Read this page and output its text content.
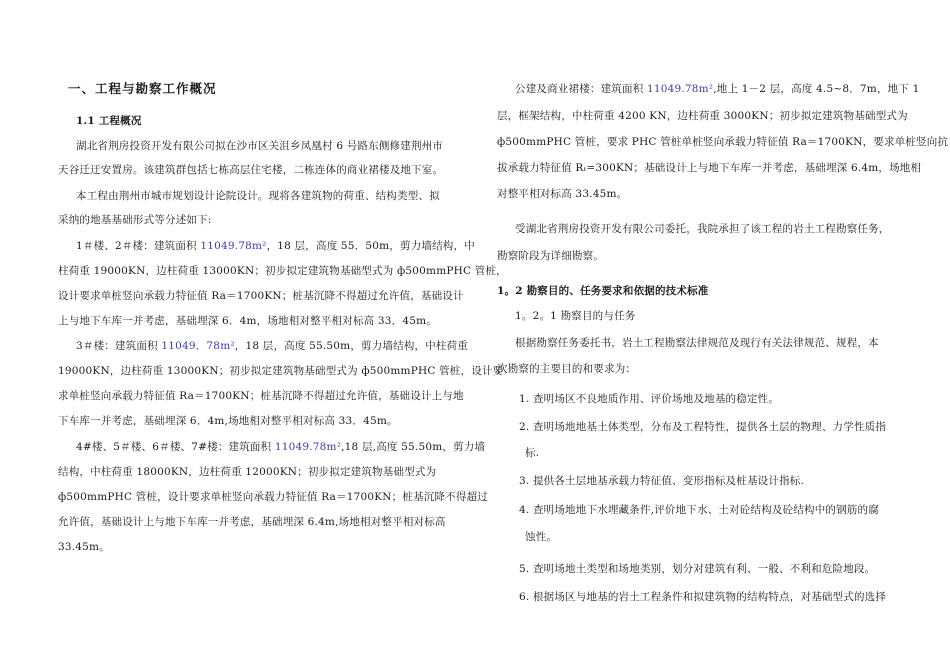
一、工程与勘察工作概况
1.1 工程概况
湖北省荆房投资开发有限公司拟在沙市区关沮乡凤凰村 6 号路东侧修建荆州市
天谷迁迂安置房。该建筑群包括七栋高层住宅楼，二栋连体的商业裙楼及地下室。
本工程由荆州市城市规划设计论院设计。现将各建筑物的荷重、结构类型、拟
采纳的地基基础形式等分述如下:
1＃楼、2＃楼：建筑面积 11049.78m²，18 层，高度 55．50m，剪力墙结构，中
柱荷重 19000KN，边柱荷重 13000KN；初步拟定建筑物基础型式为 ф500mmPHC 管桩，
设计要求单桩竖向承载力特征值 Ra＝1700KN；桩基沉降不得超过允许值，基础设计
上与地下车库一并考虑，基础埋深 6．4m，场地相对整平相对标高 33．45m。
3＃楼：建筑面积 11049．78m²，18 层，高度 55.50m，剪力墙结构，中柱荷重
19000KN，边柱荷重 13000KN；初步拟定建筑物基础型式为 ф500mmPHC 管桩，设计要
求单桩竖向承载力特征值 Ra＝1700KN；桩基沉降不得超过允许值，基础设计上与地
下车库一并考虑，基础埋深 6．4m,场地相对整平相对标高 33．45m。
4#楼、5＃楼、6＃楼、7#楼：建筑面积 11049.78m²,18 层,高度 55.50m，剪力墙
结构，中柱荷重 18000KN，边柱荷重 12000KN；初步拟定建筑物基础型式为
ф500mmPHC 管桩，设计要求单桩竖向承载力特征值 Ra＝1700KN；桩基沉降不得超过
允许值，基础设计上与地下车库一并考虑，基础埋深 6.4m,场地相对整平相对标高
33.45m。
公建及商业裙楼：建筑面积 11049.78m²,地上 1－2 层，高度 4.5~8．7m，地下 1
层，框架结构，中柱荷重 4200 KN，边柱荷重 3000KN；初步拟定建筑物基础型式为
ф500mmPHC 管桩，要求 PHC 管桩单桩竖向承载力特征值 Ra＝1700KN，要求单桩竖向抗
拔承载力特征值 Rₜ=300KN；基础设计上与地下车库一并考虑，基础埋深 6.4m，场地相
对整平相对标高 33.45m。
受湖北省荆房投资开发有限公司委托，我院承担了该工程的岩土工程勘察任务，
勘察阶段为详细勘察。
1。2 勘察目的、任务要求和依据的技术标准
1。2。1 勘察目的与任务
根据勘察任务委托书，岩土工程勘察法律规范及现行有关法律规范、规程，本
次勘察的主要目的和要求为：
1. 查明场区不良地质作用、评价场地及地基的稳定性。
2. 查明场地地基土体类型，分布及工程特性，提供各土层的物理、力学性质指
标.
3. 提供各土层地基承载力特征值、变形指标及桩基设计指标.
4. 查明场地地下水埋藏条件,评价地下水、土对砼结构及砼结构中的钢筋的腐
蚀性。
5. 查明场地土类型和场地类别，划分对建筑有利、一般、不利和危险地段。
6. 根据场区与地基的岩土工程条件和拟建筑物的结构特点，对基础型式的选择
